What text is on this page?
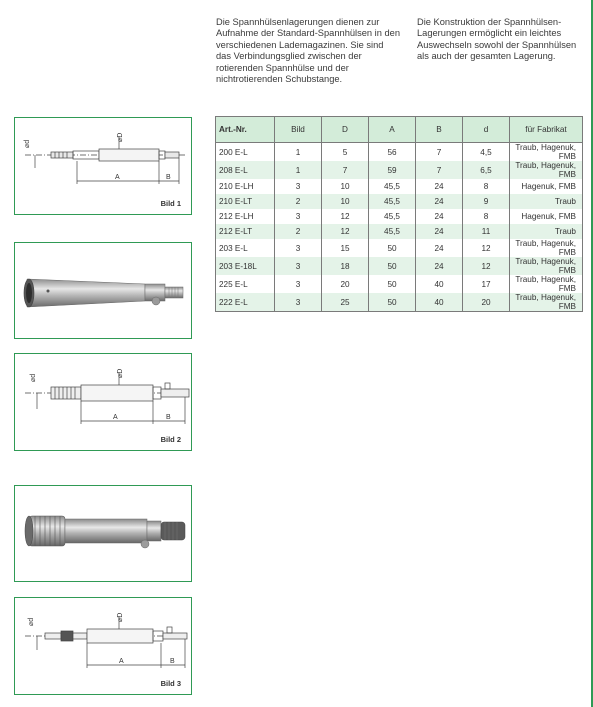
Die Spannhülsenlagerungen dienen zur Aufnahme der Standard-Spannhülsen in den verschiedenen Lademagazinen. Sie sind das Verbindungsglied zwischen der rotierenden Spannhülse und der nichtrotierenden Schubstange.
Die Konstruktion der Spannhülsen-Lagerungen ermöglicht ein leichtes Auswechseln sowohl der Spannhülsen als auch der gesamten Lagerung.
⌀d
⌀D
A	B
Bild 1
⌀d	⌀D
A	B
Bild 2
⌀d	⌀D
A	B
Bild 3
Art.-Nr.	Bild	D	A	B	d	für Fabrikat
200 E-L	1	5	56	7	4,5	Traub, Hagenuk, FMB
208 E-L	1	7	59	7	6,5	Traub, Hagenuk, FMB
210 E-LH	3	10	45,5	24	8	Hagenuk, FMB
210 E-LT	2	10	45,5	24	9	Traub
212 E-LH	3	12	45,5	24	8	Hagenuk, FMB
212 E-LT	2	12	45,5	24	11	Traub
203 E-L	3	15	50	24	12	Traub, Hagenuk, FMB
203 E-18L	3	18	50	24	12	Traub, Hagenuk, FMB
225 E-L	3	20	50	40	17	Traub, Hagenuk, FMB
222 E-L	3	25	50	40	20	Traub, Hagenuk, FMB
